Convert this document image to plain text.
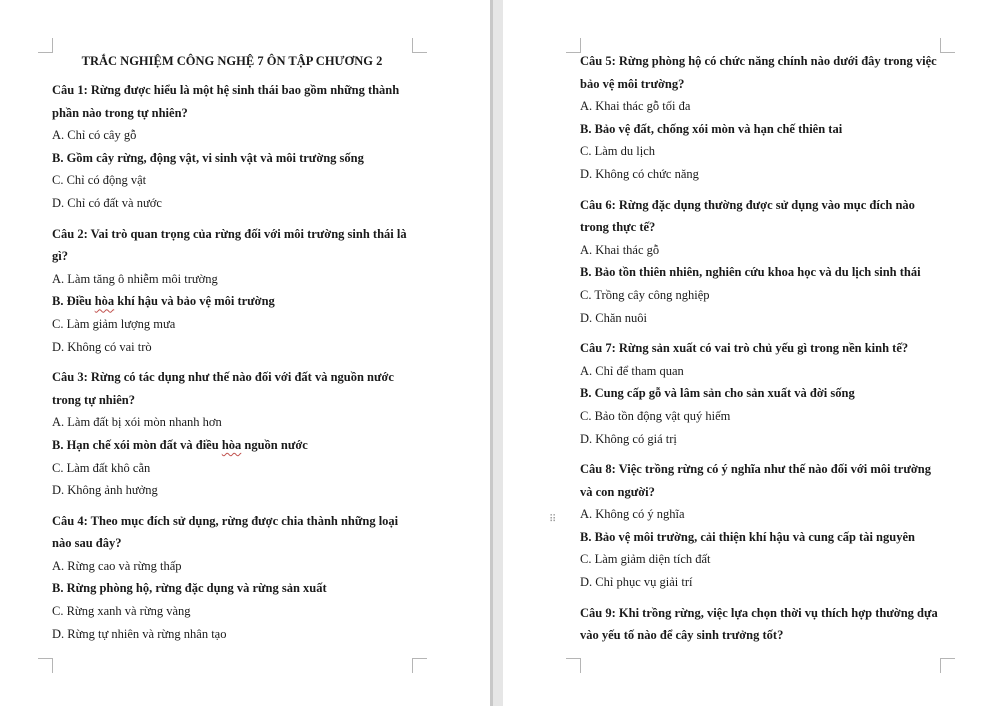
TRẮC NGHIỆM CÔNG NGHỆ 7 ÔN TẬP CHƯƠNG 2
Câu 1: Rừng được hiểu là một hệ sinh thái bao gồm những thành phần nào trong tự nhiên?
A. Chỉ có cây gỗ
B. Gồm cây rừng, động vật, vi sinh vật và môi trường sống
C. Chỉ có động vật
D. Chỉ có đất và nước
Câu 2: Vai trò quan trọng của rừng đối với môi trường sinh thái là gì?
A. Làm tăng ô nhiễm môi trường
B. Điều hòa khí hậu và bảo vệ môi trường
C. Làm giảm lượng mưa
D. Không có vai trò
Câu 3: Rừng có tác dụng như thế nào đối với đất và nguồn nước trong tự nhiên?
A. Làm đất bị xói mòn nhanh hơn
B. Hạn chế xói mòn đất và điều hòa nguồn nước
C. Làm đất khô cằn
D. Không ảnh hưởng
Câu 4: Theo mục đích sử dụng, rừng được chia thành những loại nào sau đây?
A. Rừng cao và rừng thấp
B. Rừng phòng hộ, rừng đặc dụng và rừng sản xuất
C. Rừng xanh và rừng vàng
D. Rừng tự nhiên và rừng nhân tạo
⠿
Câu 5: Rừng phòng hộ có chức năng chính nào dưới đây trong việc bảo vệ môi trường?
A. Khai thác gỗ tối đa
B. Bảo vệ đất, chống xói mòn và hạn chế thiên tai
C. Làm du lịch
D. Không có chức năng
Câu 6: Rừng đặc dụng thường được sử dụng vào mục đích nào trong thực tế?
A. Khai thác gỗ
B. Bảo tồn thiên nhiên, nghiên cứu khoa học và du lịch sinh thái
C. Trồng cây công nghiệp
D. Chăn nuôi
Câu 7: Rừng sản xuất có vai trò chủ yếu gì trong nền kinh tế?
A. Chỉ để tham quan
B. Cung cấp gỗ và lâm sản cho sản xuất và đời sống
C. Bảo tồn động vật quý hiếm
D. Không có giá trị
Câu 8: Việc trồng rừng có ý nghĩa như thế nào đối với môi trường và con người?
A. Không có ý nghĩa
B. Bảo vệ môi trường, cải thiện khí hậu và cung cấp tài nguyên
C. Làm giảm diện tích đất
D. Chỉ phục vụ giải trí
Câu 9: Khi trồng rừng, việc lựa chọn thời vụ thích hợp thường dựa vào yếu tố nào để cây sinh trưởng tốt?
